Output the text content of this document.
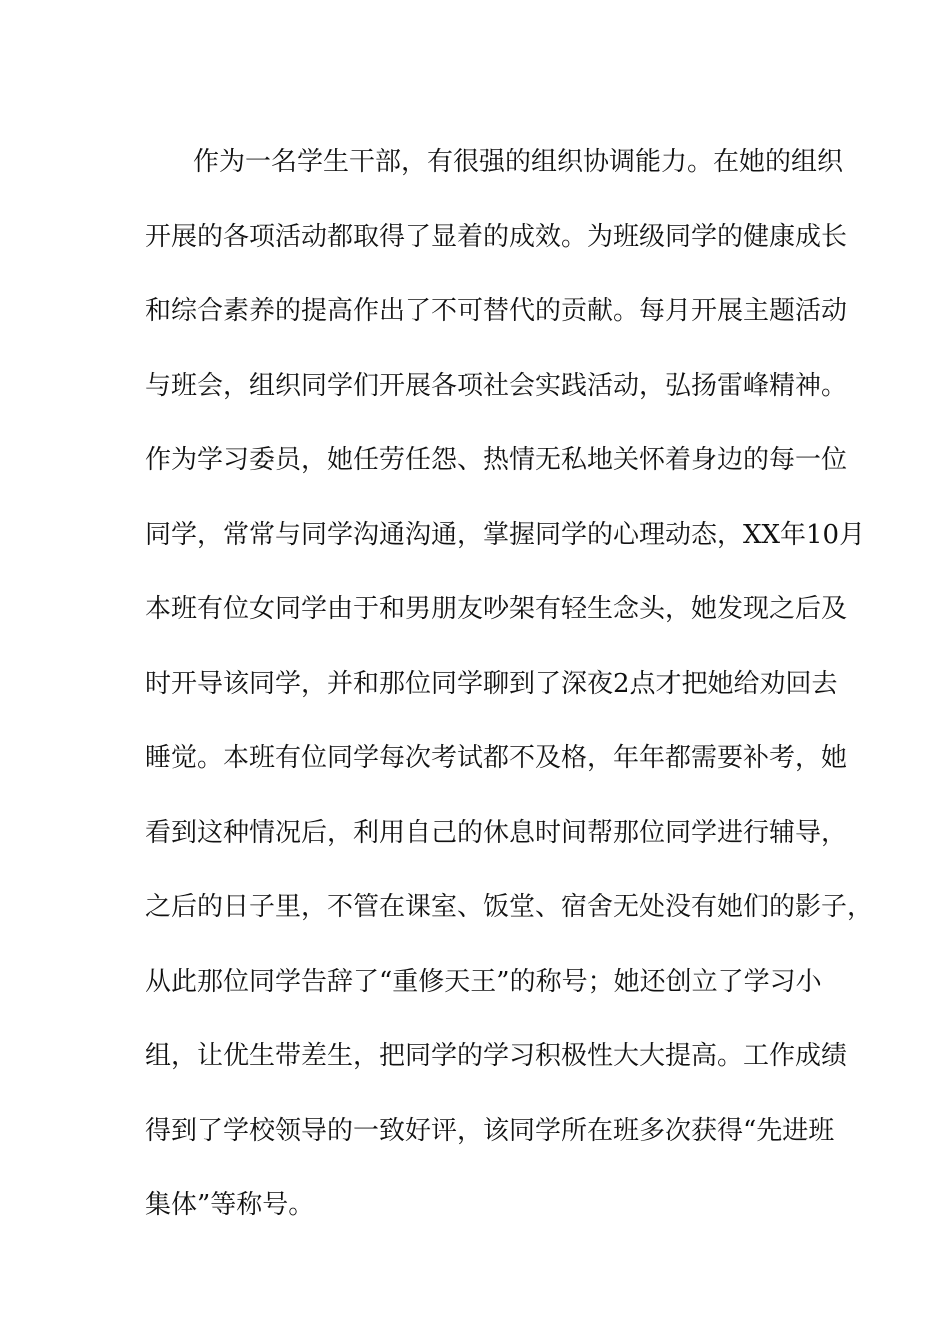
作为一名学生干部，有很强的组织协调能力。在她的组织
开展的各项活动都取得了显着的成效。为班级同学的健康成长
和综合素养的提高作出了不可替代的贡献。每月开展主题活动
与班会，组织同学们开展各项社会实践活动，弘扬雷峰精神。
作为学习委员，她任劳任怨、热情无私地关怀着身边的每一位
同学，常常与同学沟通沟通，掌握同学的心理动态，XX年10月
本班有位女同学由于和男朋友吵架有轻生念头，她发现之后及
时开导该同学，并和那位同学聊到了深夜2点才把她给劝回去
睡觉。本班有位同学每次考试都不及格，年年都需要补考，她
看到这种情况后，利用自己的休息时间帮那位同学进行辅导，
之后的日子里，不管在课室、饭堂、宿舍无处没有她们的影子，
从此那位同学告辞了“重修天王”的称号；她还创立了学习小
组，让优生带差生，把同学的学习积极性大大提高。工作成绩
得到了学校领导的一致好评，该同学所在班多次获得“先进班
集体”等称号。
